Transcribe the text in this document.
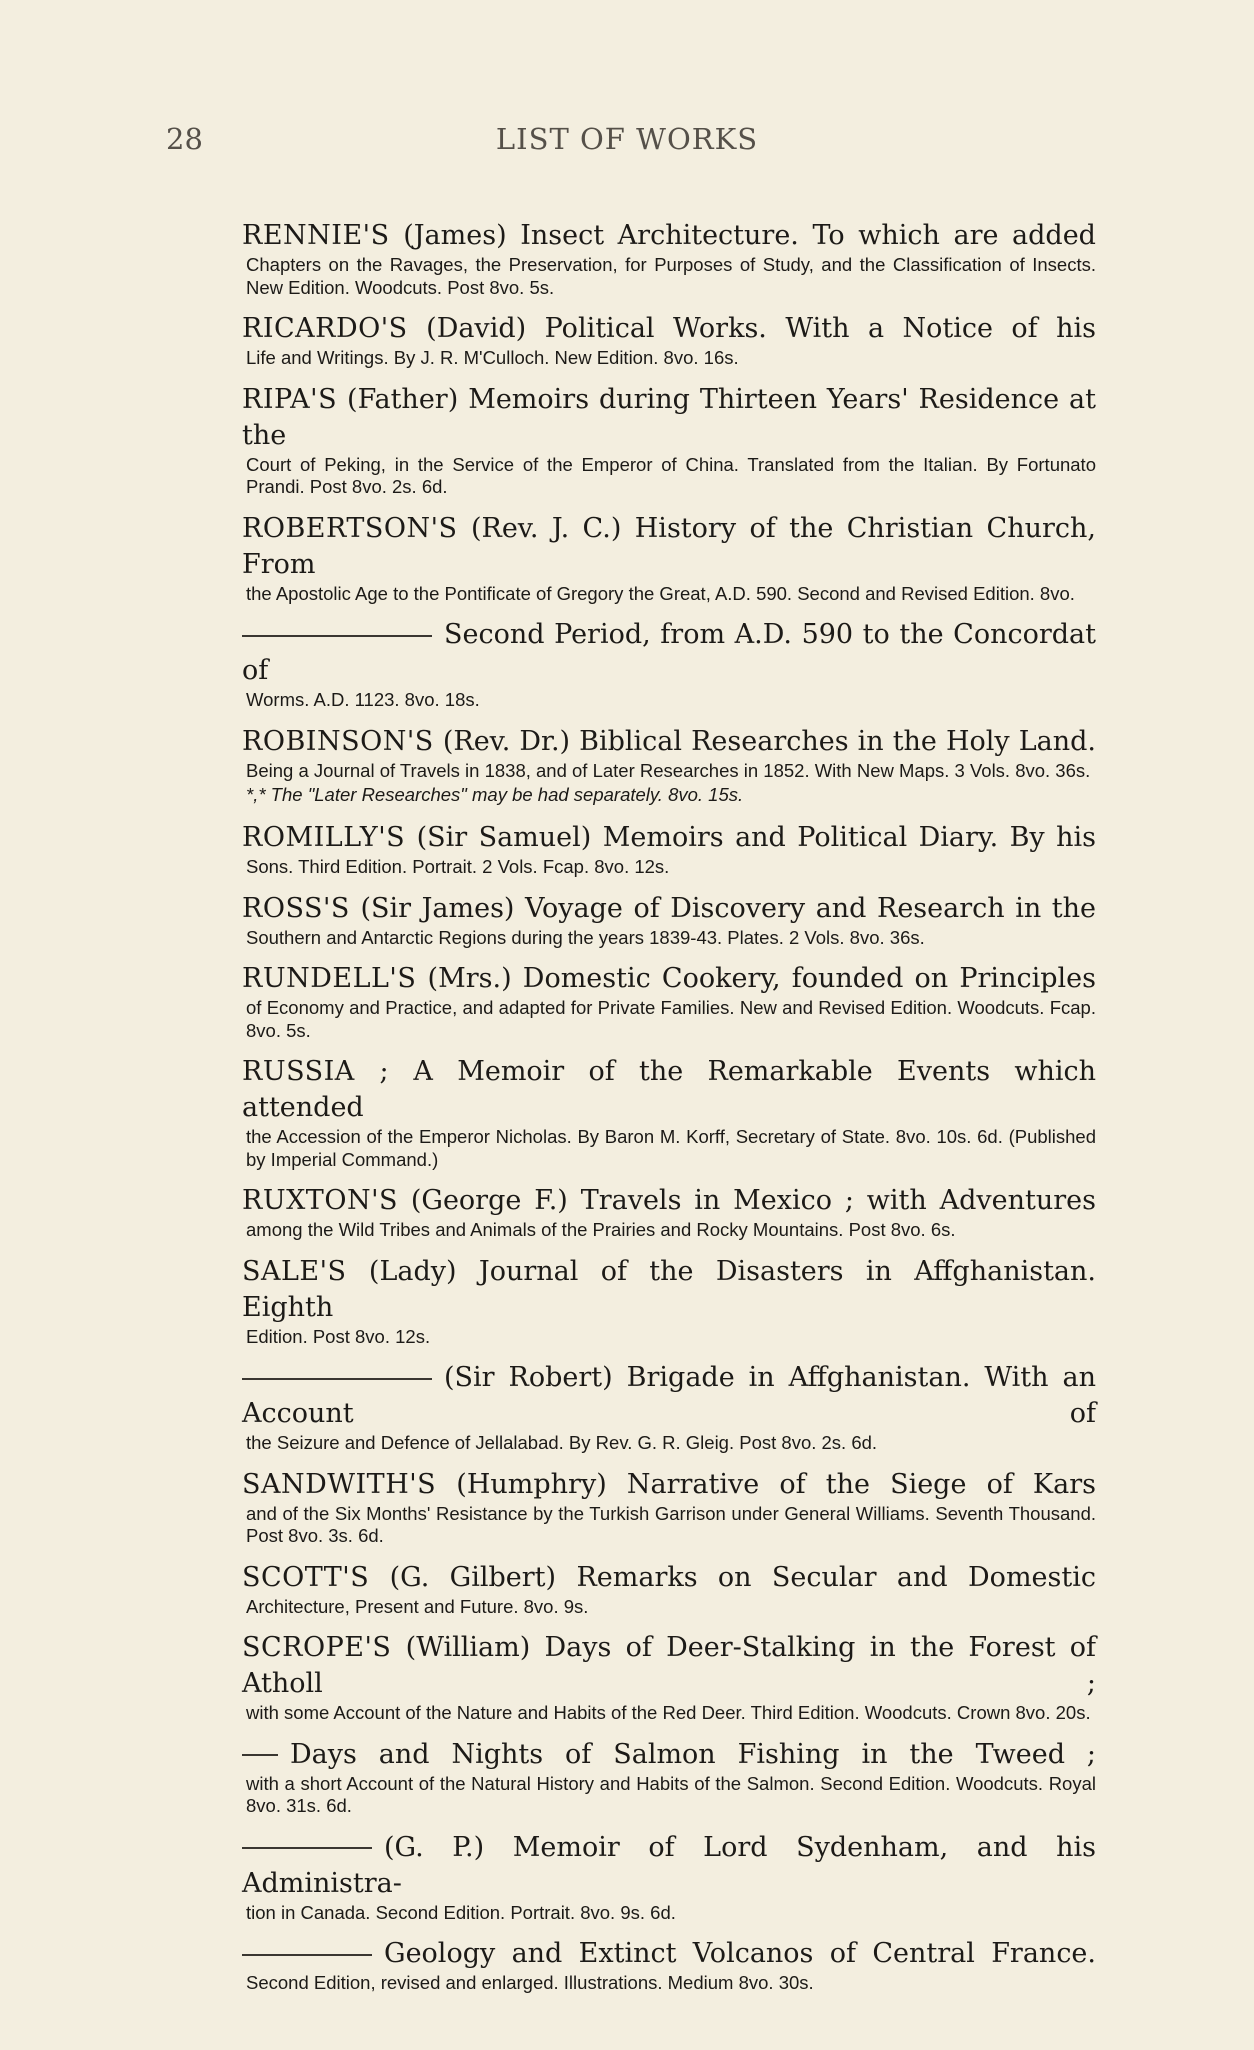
28	LIST OF WORKS
RENNIE'S (James) Insect Architecture. To which are added
Chapters on the Ravages, the Preservation, for Purposes of Study, and the Classification of Insects. New Edition. Woodcuts. Post 8vo. 5s.
RICARDO'S (David) Political Works. With a Notice of his
Life and Writings. By J. R. M'Culloch. New Edition. 8vo. 16s.
RIPA'S (Father) Memoirs during Thirteen Years' Residence at the
Court of Peking, in the Service of the Emperor of China. Translated from the Italian. By Fortunato Prandi. Post 8vo. 2s. 6d.
ROBERTSON'S (Rev. J. C.) History of the Christian Church, From
the Apostolic Age to the Pontificate of Gregory the Great, A.D. 590. Second and Revised Edition. 8vo.
Second Period, from A.D. 590 to the Concordat of
Worms. A.D. 1123. 8vo. 18s.
ROBINSON'S (Rev. Dr.) Biblical Researches in the Holy Land.
Being a Journal of Travels in 1838, and of Later Researches in 1852. With New Maps. 3 Vols. 8vo. 36s.
*,* The "Later Researches" may be had separately. 8vo. 15s.
ROMILLY'S (Sir Samuel) Memoirs and Political Diary. By his
Sons. Third Edition. Portrait. 2 Vols. Fcap. 8vo. 12s.
ROSS'S (Sir James) Voyage of Discovery and Research in the
Southern and Antarctic Regions during the years 1839-43. Plates. 2 Vols. 8vo. 36s.
RUNDELL'S (Mrs.) Domestic Cookery, founded on Principles
of Economy and Practice, and adapted for Private Families. New and Revised Edition. Woodcuts. Fcap. 8vo. 5s.
RUSSIA ; A Memoir of the Remarkable Events which attended
the Accession of the Emperor Nicholas. By Baron M. Korff, Secretary of State. 8vo. 10s. 6d. (Published by Imperial Command.)
RUXTON'S (George F.) Travels in Mexico ; with Adventures
among the Wild Tribes and Animals of the Prairies and Rocky Mountains. Post 8vo. 6s.
SALE'S (Lady) Journal of the Disasters in Affghanistan. Eighth
Edition. Post 8vo. 12s.
(Sir Robert) Brigade in Affghanistan. With an Account of
the Seizure and Defence of Jellalabad. By Rev. G. R. Gleig. Post 8vo. 2s. 6d.
SANDWITH'S (Humphry) Narrative of the Siege of Kars
and of the Six Months' Resistance by the Turkish Garrison under General Williams. Seventh Thousand. Post 8vo. 3s. 6d.
SCOTT'S (G. Gilbert) Remarks on Secular and Domestic
Architecture, Present and Future. 8vo. 9s.
SCROPE'S (William) Days of Deer-Stalking in the Forest of Atholl ;
with some Account of the Nature and Habits of the Red Deer. Third Edition. Woodcuts. Crown 8vo. 20s.
Days and Nights of Salmon Fishing in the Tweed ;
with a short Account of the Natural History and Habits of the Salmon. Second Edition. Woodcuts. Royal 8vo. 31s. 6d.
(G. P.) Memoir of Lord Sydenham, and his Administra-
tion in Canada. Second Edition. Portrait. 8vo. 9s. 6d.
Geology and Extinct Volcanos of Central France.
Second Edition, revised and enlarged. Illustrations. Medium 8vo. 30s.
